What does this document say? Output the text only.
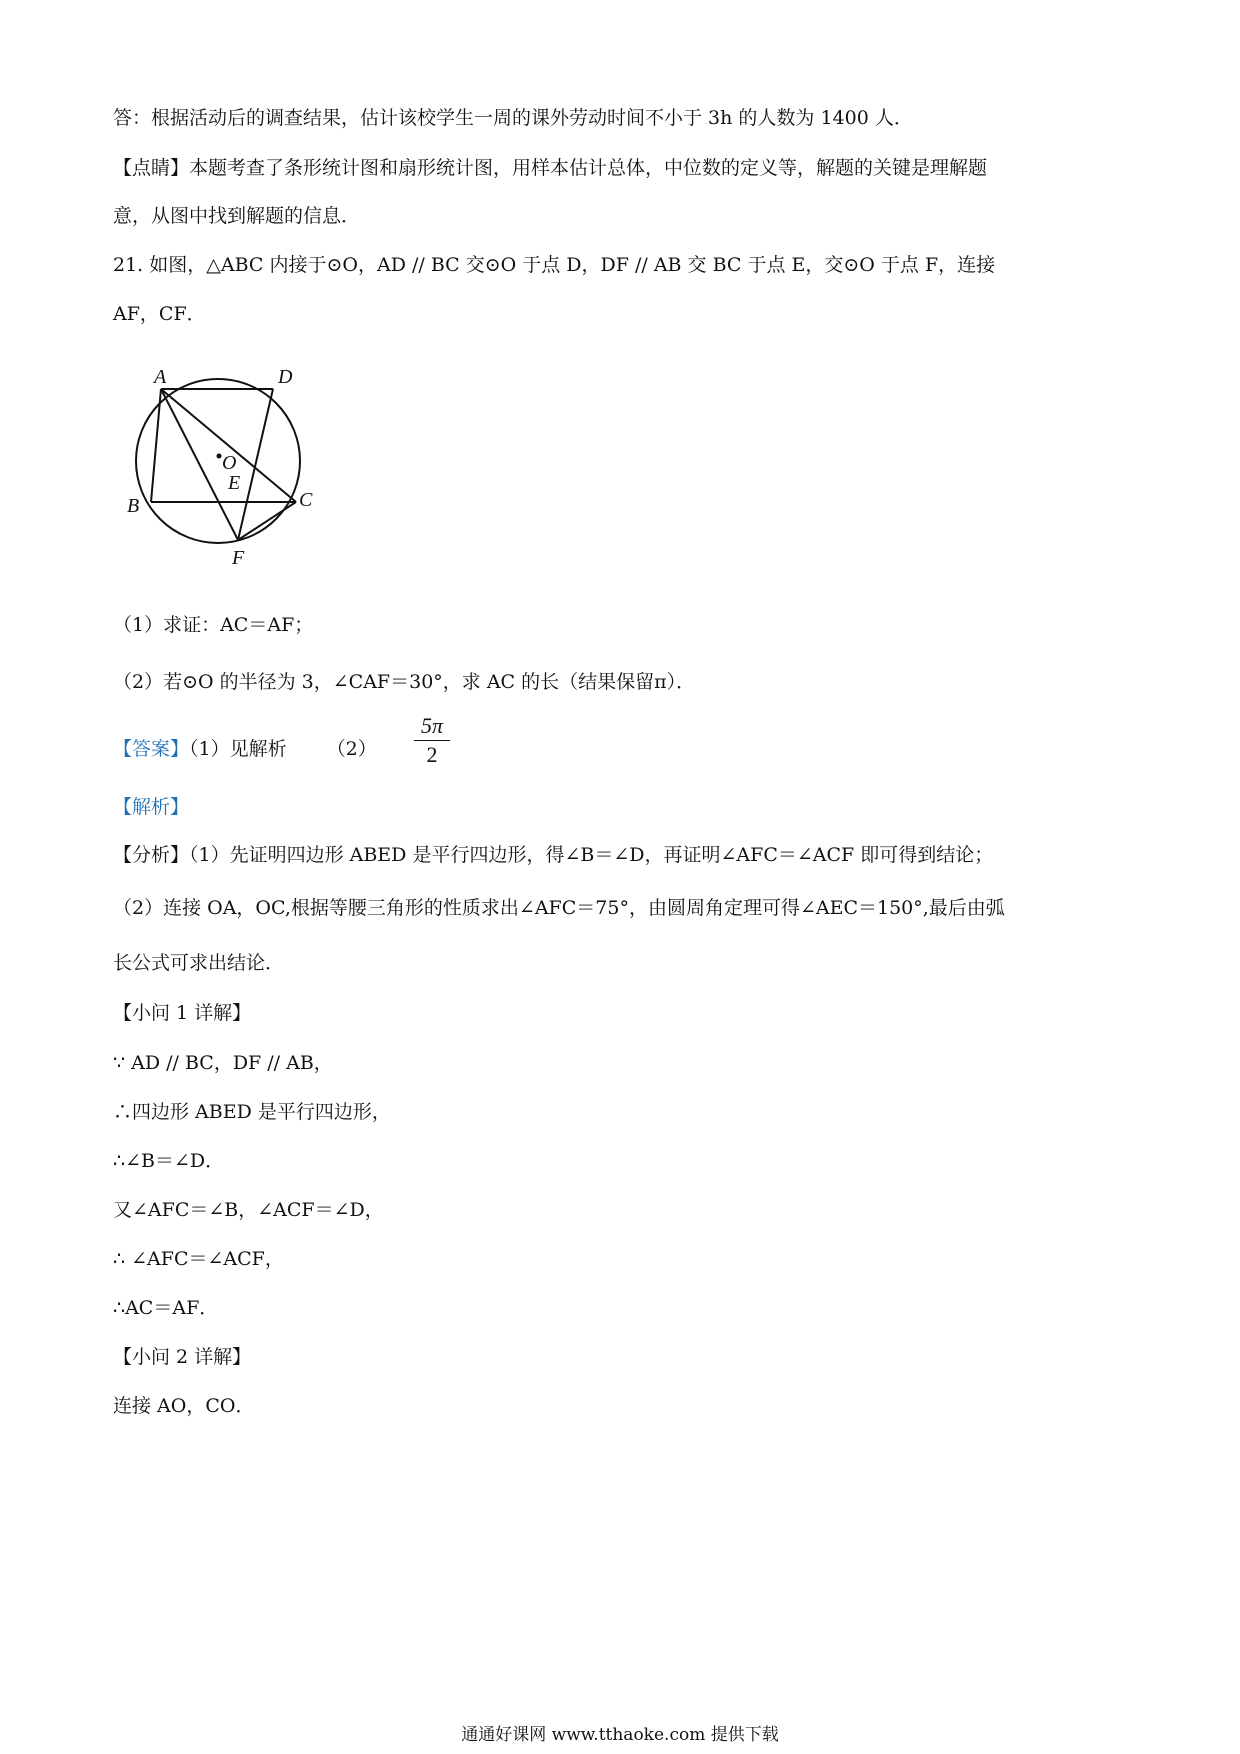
答：根据活动后的调查结果，估计该校学生一周的课外劳动时间不小于 3h 的人数为 1400 人．
【点睛】本题考查了条形统计图和扇形统计图，用样本估计总体，中位数的定义等，解题的关键是理解题
意，从图中找到解题的信息．
21. 如图，△ABC 内接于⊙O，AD // BC 交⊙O 于点 D，DF // AB 交 BC 于点 E，交⊙O 于点 F，连接
AF，CF．
A	D
O
E
B	C
F
（1）求证：AC＝AF；
（2）若⊙O 的半径为 3，∠CAF＝30°，求 AC 的长（结果保留π）．
【答案】（1）见解析 （2）
5π
2
【解析】
【分析】（1）先证明四边形 ABED 是平行四边形，得∠B＝∠D，再证明∠AFC＝∠ACF 即可得到结论；
（2）连接 OA，OC,根据等腰三角形的性质求出∠AFC＝75°，由圆周角定理可得∠AEC＝150°,最后由弧
长公式可求出结论．
【小问 1 详解】
∵ AD // BC，DF // AB，
∴四边形 ABED 是平行四边形，
∴∠B＝∠D．
又∠AFC＝∠B，∠ACF＝∠D，
∴ ∠AFC＝∠ACF，
∴AC＝AF．
【小问 2 详解】
连接 AO，CO．
通通好课网 www.tthaoke.com 提供下载
